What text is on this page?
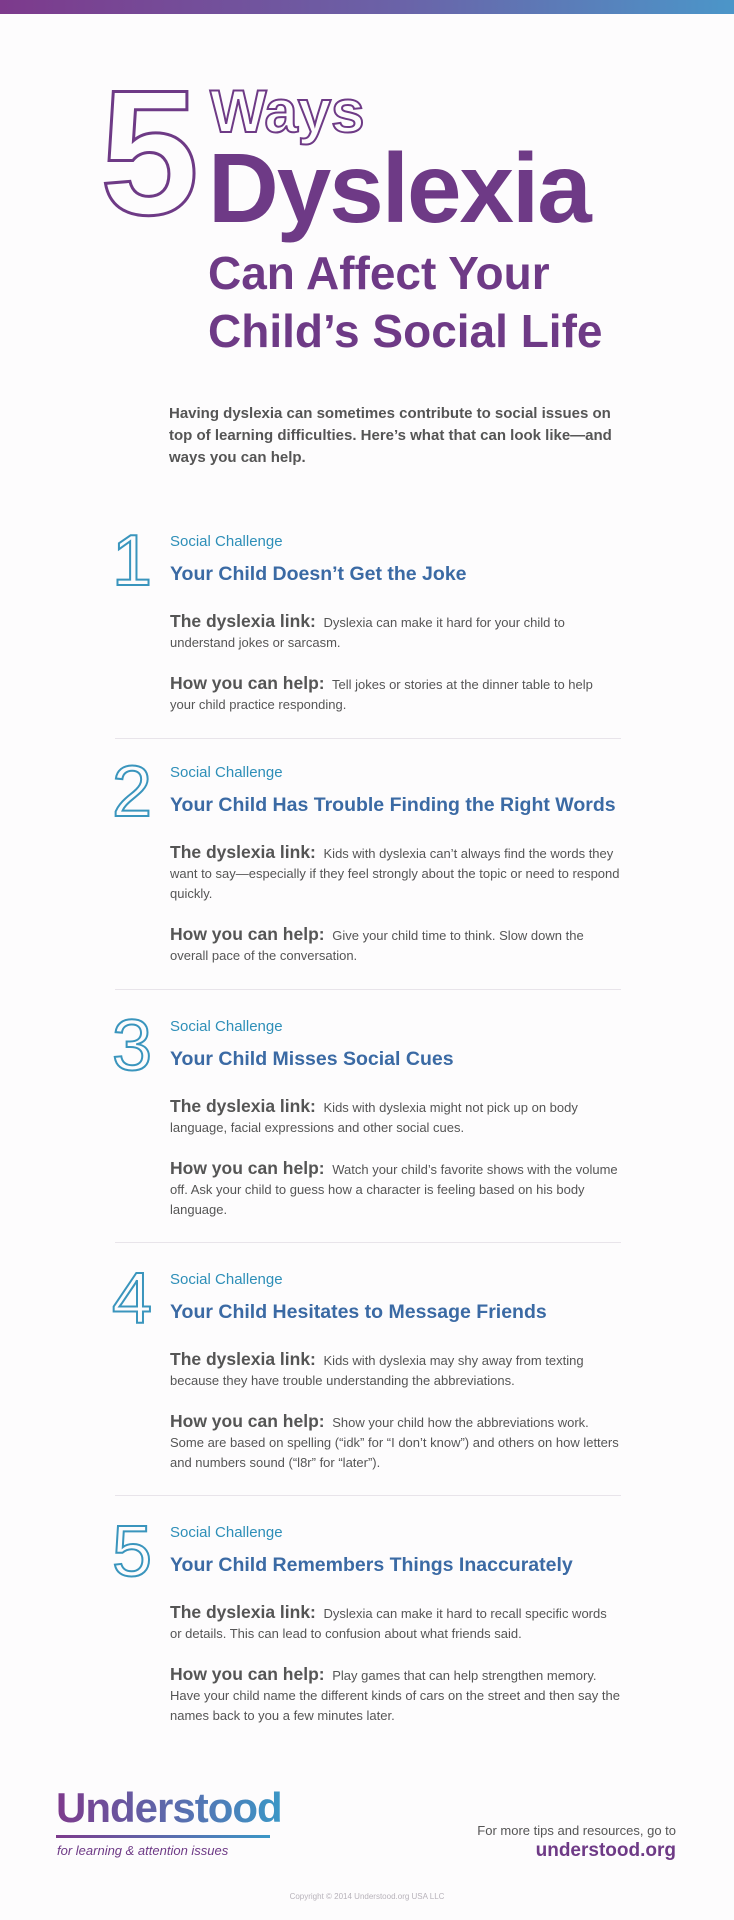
5 Ways
Dyslexia
Can Affect Your Child’s Social Life
Having dyslexia can sometimes contribute to social issues on top of learning difficulties. Here’s what that can look like—and ways you can help.
1 Social Challenge
Your Child Doesn’t Get the Joke
The dyslexia link: Dyslexia can make it hard for your child to understand jokes or sarcasm.
How you can help: Tell jokes or stories at the dinner table to help your child practice responding.
2 Social Challenge
Your Child Has Trouble Finding the Right Words
The dyslexia link: Kids with dyslexia can’t always find the words they want to say—especially if they feel strongly about the topic or need to respond quickly.
How you can help: Give your child time to think. Slow down the overall pace of the conversation.
3 Social Challenge
Your Child Misses Social Cues
The dyslexia link: Kids with dyslexia might not pick up on body language, facial expressions and other social cues.
How you can help: Watch your child’s favorite shows with the volume off. Ask your child to guess how a character is feeling based on his body language.
4 Social Challenge
Your Child Hesitates to Message Friends
The dyslexia link: Kids with dyslexia may shy away from texting because they have trouble understanding the abbreviations.
How you can help: Show your child how the abbreviations work. Some are based on spelling (“idk” for “I don’t know”) and others on how letters and numbers sound (“l8r” for “later”).
5 Social Challenge
Your Child Remembers Things Inaccurately
The dyslexia link: Dyslexia can make it hard to recall specific words or details. This can lead to confusion about what friends said.
How you can help: Play games that can help strengthen memory. Have your child name the different kinds of cars on the street and then say the names back to you a few minutes later.
Understood
for learning & attention issues
For more tips and resources, go to
understood.org
Copyright © 2014 Understood.org USA LLC
